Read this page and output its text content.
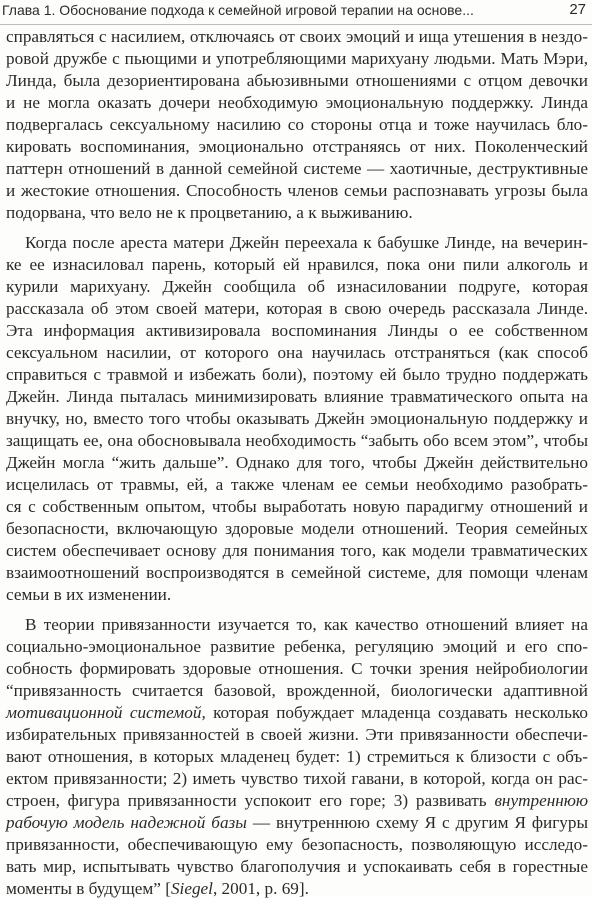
Глава 1. Обоснование подхода к семейной игровой терапии на основе...	27
справляться с насилием, отключаясь от своих эмоций и ища утешения в нездо-
ровой дружбе с пьющими и употребляющими марихуану людьми. Мать Мэри,
Линда, была дезориентирована абьюзивными отношениями с отцом девочки
и не могла оказать дочери необходимую эмоциональную поддержку. Линда
подвергалась сексуальному насилию со стороны отца и тоже научилась бло-
кировать воспоминания, эмоционально отстраняясь от них. Поколенческий
паттерн отношений в данной семейной системе — хаотичные, деструктивные
и жестокие отношения. Способность членов семьи распознавать угрозы была
подорвана, что вело не к процветанию, а к выживанию.
Когда после ареста матери Джейн переехала к бабушке Линде, на вечерин-
ке ее изнасиловал парень, который ей нравился, пока они пили алкоголь и
курили марихуану. Джейн сообщила об изнасиловании подруге, которая
рассказала об этом своей матери, которая в свою очередь рассказала Линде.
Эта информация активизировала воспоминания Линды о ее собственном
сексуальном насилии, от которого она научилась отстраняться (как способ
справиться с травмой и избежать боли), поэтому ей было трудно поддержать
Джейн. Линда пыталась минимизировать влияние травматического опыта на
внучку, но, вместо того чтобы оказывать Джейн эмоциональную поддержку и
защищать ее, она обосновывала необходимость “забыть обо всем этом”, чтобы
Джейн могла “жить дальше”. Однако для того, чтобы Джейн действительно
исцелилась от травмы, ей, а также членам ее семьи необходимо разобрать-
ся с собственным опытом, чтобы выработать новую парадигму отношений и
безопасности, включающую здоровые модели отношений. Теория семейных
систем обеспечивает основу для понимания того, как модели травматических
взаимоотношений воспроизводятся в семейной системе, для помощи членам
семьи в их изменении.
В теории привязанности изучается то, как качество отношений влияет на
социально-эмоциональное развитие ребенка, регуляцию эмоций и его спо-
собность формировать здоровые отношения. С точки зрения нейробиологии
“привязанность считается базовой, врожденной, биологически адаптивной
мотивационной системой, которая побуждает младенца создавать несколько
избирательных привязанностей в своей жизни. Эти привязанности обеспечи-
вают отношения, в которых младенец будет: 1) стремиться к близости с объ-
ектом привязанности; 2) иметь чувство тихой гавани, в которой, когда он рас-
строен, фигура привязанности успокоит его горе; 3) развивать внутреннюю
рабочую модель надежной базы — внутреннюю схему Я с другим Я фигуры
привязанности, обеспечивающую ему безопасность, позволяющую исследо-
вать мир, испытывать чувство благополучия и успокаивать себя в горестные
моменты в будущем” [Siegel, 2001, p. 69].
